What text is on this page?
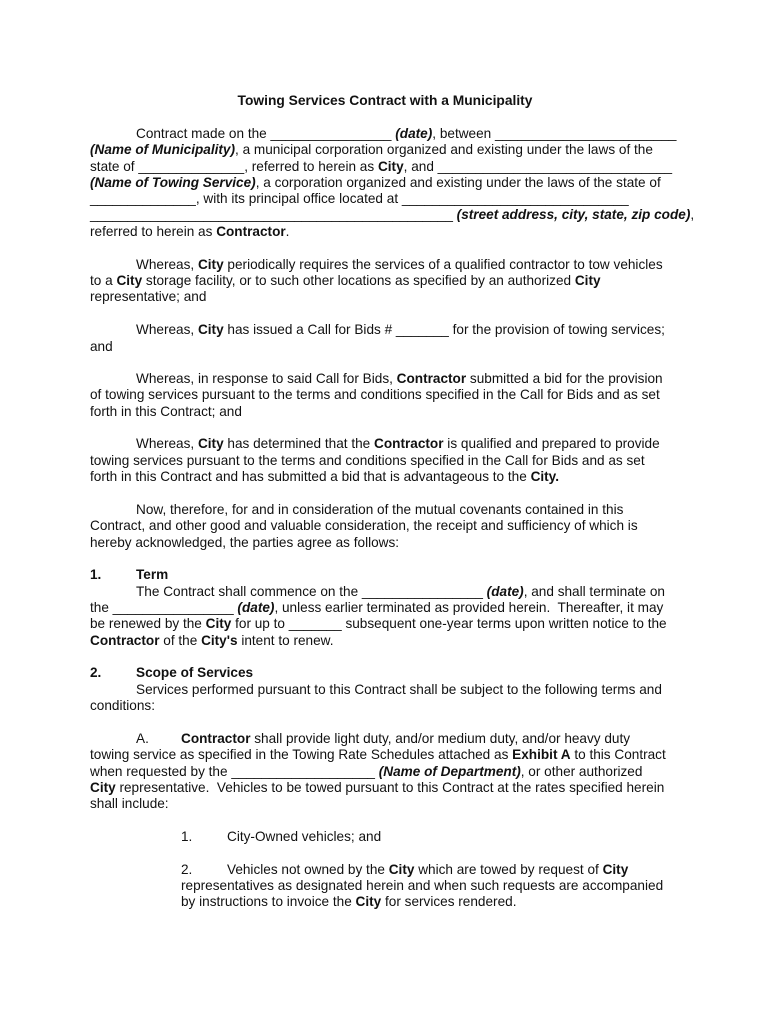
Towing Services Contract with a Municipality
Contract made on the ________________ (date), between ________________________
(Name of Municipality), a municipal corporation organized and existing under the laws of the
state of ______________, referred to herein as City, and _______________________________
(Name of Towing Service), a corporation organized and existing under the laws of the state of
______________, with its principal office located at ______________________________
________________________________________________ (street address, city, state, zip code),
referred to herein as Contractor.
Whereas, City periodically requires the services of a qualified contractor to tow vehicles
to a City storage facility, or to such other locations as specified by an authorized City
representative; and
Whereas, City has issued a Call for Bids # _______ for the provision of towing services;
and
Whereas, in response to said Call for Bids, Contractor submitted a bid for the provision
of towing services pursuant to the terms and conditions specified in the Call for Bids and as set
forth in this Contract; and
Whereas, City has determined that the Contractor is qualified and prepared to provide
towing services pursuant to the terms and conditions specified in the Call for Bids and as set
forth in this Contract and has submitted a bid that is advantageous to the City.
Now, therefore, for and in consideration of the mutual covenants contained in this
Contract, and other good and valuable consideration, the receipt and sufficiency of which is
hereby acknowledged, the parties agree as follows:
1.	Term
The Contract shall commence on the ________________ (date), and shall terminate on
the ________________ (date), unless earlier terminated as provided herein.  Thereafter, it may
be renewed by the City for up to _______ subsequent one-year terms upon written notice to the
Contractor of the City's intent to renew.
2.	Scope of Services
Services performed pursuant to this Contract shall be subject to the following terms and
conditions:
A. Contractor shall provide light duty, and/or medium duty, and/or heavy duty
towing service as specified in the Towing Rate Schedules attached as Exhibit A to this Contract
when requested by the ___________________ (Name of Department), or other authorized
City representative.  Vehicles to be towed pursuant to this Contract at the rates specified herein
shall include:
1.	City-Owned vehicles; and
2.	Vehicles not owned by the City which are towed by request of City
representatives as designated herein and when such requests are accompanied
by instructions to invoice the City for services rendered.
